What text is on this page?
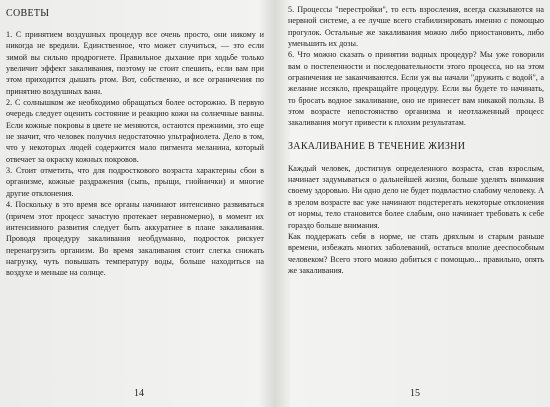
СОВЕТЫ

1. С принятием воздушных процедур все очень просто, они никому и никогда не вредили. Единственное, что может случиться, — это если зимой вы сильно продрогнете. Правильное дыхание при ходьбе только увеличит эффект закаливания, поэтому не стоит спешить, если вам при этом приходится дышать ртом. Вот, собственно, и все ограничения по принятию воздушных ванн.

2. С солнышком же необходимо обращаться более осторожно. В первую очередь следует оценить состояние и реакцию кожи на солнечные ванны. Если кожные покровы в цвете не меняются, остаются прежними, это еще не значит, что человек получил недостаточно ультрафиолета. Дело в том, что у некоторых людей содержится мало пигмента меланина, который отвечает за окраску кожных покровов.

3. Стоит отметить, что для подросткового возраста характерны сбои в организме, кожные раздражения (сыпь, прыщи, гнойнички) и многие другие отклонения.

4. Поскольку в это время все органы начинают интенсивно развиваться (причем этот процесс зачастую протекает неравномерно), в момент их интенсивного развития следует быть аккуратнее в плане закаливания. Проводя процедуру закаливания необдуманно, подросток рискует перенагрузить организм. Во время закаливания стоит слегка снижать нагрузку, чуть повышать температуру воды, больше находиться на воздухе и меньше на солнце.

14

5. Процессы "перестройки", то есть взросления, всегда сказываются на нервной системе, а ее лучше всего стабилизировать именно с помощью прогулок. Остальные же закаливания можно либо приостановить, либо уменьшить их дозы.

6. Что можно сказать о принятии водных процедур? Мы уже говорили вам о постепенности и последовательности этого процесса, но на этом ограничения не заканчиваются. Если уж вы начали "дружить с водой", а желание иссякло, прекращайте процедуру. Если вы будете то начинать, то бросать водное закаливание, оно не принесет вам никакой пользы. В этом возрасте непостоянство организма и неотлаженный процесс закаливания могут привести к плохим результатам.

ЗАКАЛИВАНИЕ В ТЕЧЕНИЕ ЖИЗНИ

Каждый человек, достигнув определенного возраста, став взрослым, начинает задумываться о дальнейшей жизни, больше уделять внимания своему здоровью. Ни одно дело не будет подвластно слабому человеку. А в зрелом возрасте вас уже начинают подстерегать некоторые отклонения от нормы, тело становится более слабым, оно начинает требовать к себе гораздо больше внимания.

Как поддержать себя в норме, не стать дряхлым и старым раньше времени, избежать многих заболеваний, остаться вполне дееспособным человеком? Всего этого можно добиться с помощью... правильно, опять же закаливания.

15
